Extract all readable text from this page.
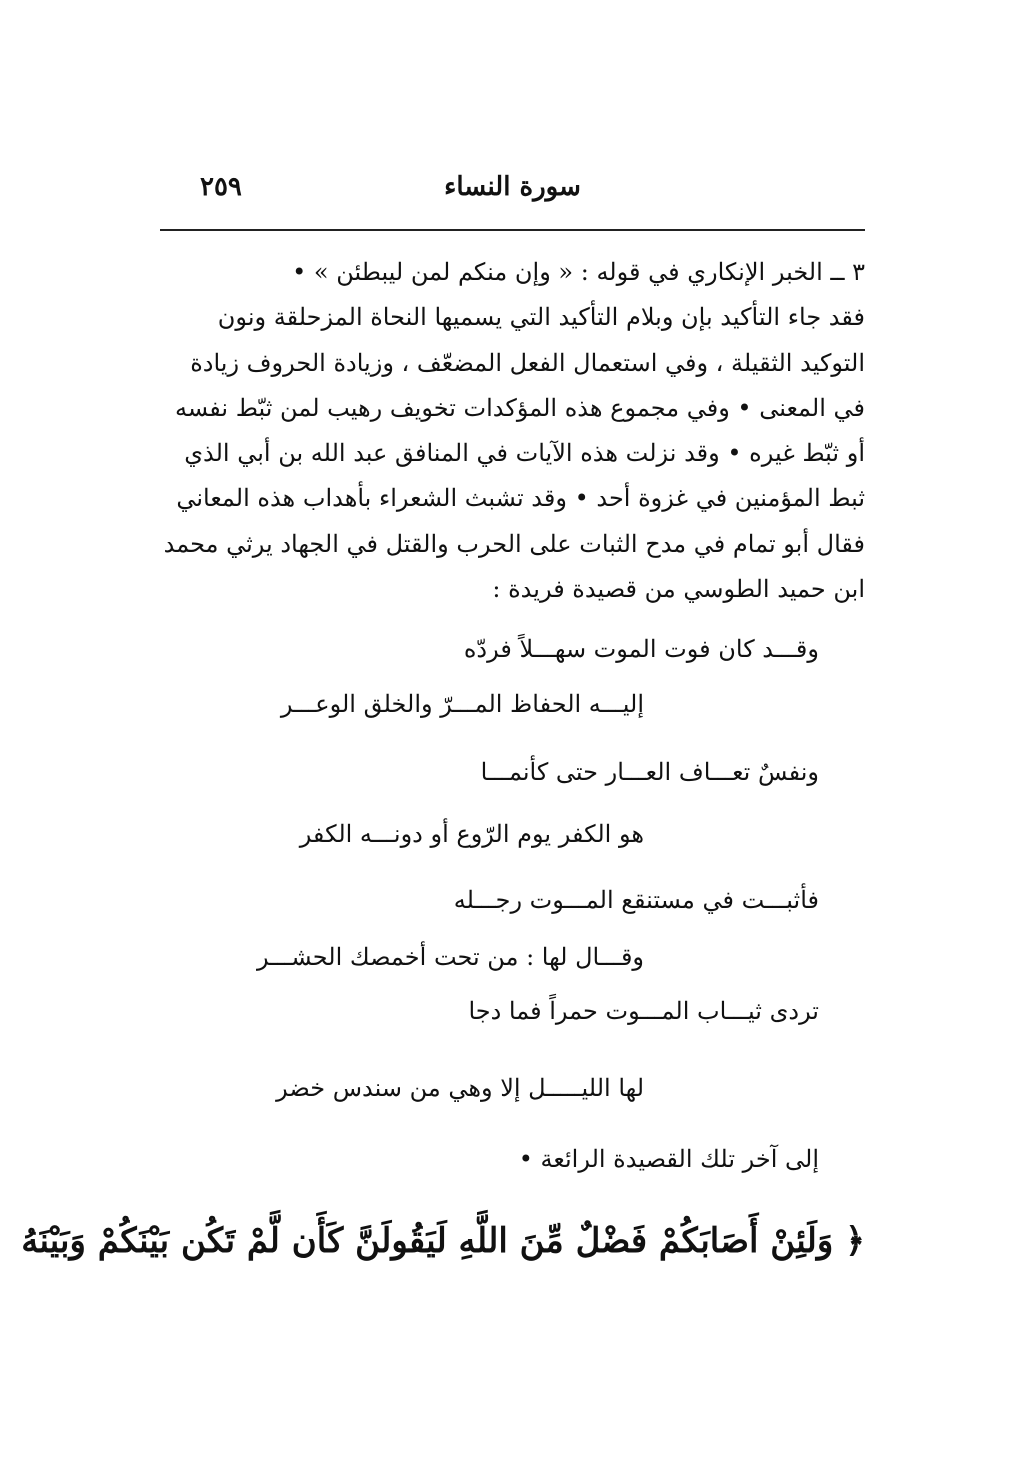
سورة النساء
٢٥٩
٣ ــ الخبر الإنكاري في قوله : « وإن منكم لمن ليبطئن » •
فقد جاء التأكيد بإن وبلام التأكيد التي يسميها النحاة المزحلقة ونون
التوكيد الثقيلة ، وفي استعمال الفعل المضعّف ، وزيادة الحروف زيادة
في المعنى • وفي مجموع هذه المؤكدات تخويف رهيب لمن ثبّط نفسه
أو ثبّط غيره • وقد نزلت هذه الآيات في المنافق عبد الله بن أبي الذي
ثبط المؤمنين في غزوة أحد • وقد تشبث الشعراء بأهداب هذه المعاني
فقال أبو تمام في مدح الثبات على الحرب والقتل في الجهاد يرثي محمد
ابن حميد الطوسي من قصيدة فريدة :
وقـــد كان فوت الموت سهـــلاً فردّه
إليـــه الحفاظ المـــرّ والخلق الوعـــر
ونفسٌ تعـــاف العـــار حتى كأنمـــا
هو الكفر يوم الرّوع أو دونـــه الكفر
فأثبـــت في مستنقع المـــوت رجـــله
وقـــال لها : من تحت أخمصك الحشـــر
تردى ثيـــاب المـــوت حمراً فما دجا
لها الليـــــل إلا وهي من سندس خضر
إلى آخر تلك القصيدة الرائعة •
﴿ وَلَئِنْ أَصَابَكُمْ فَضْلٌ مِّنَ اللَّهِ لَيَقُولَنَّ كَأَن لَّمْ تَكُن بَيْنَكُمْ وَبَيْنَهُ
